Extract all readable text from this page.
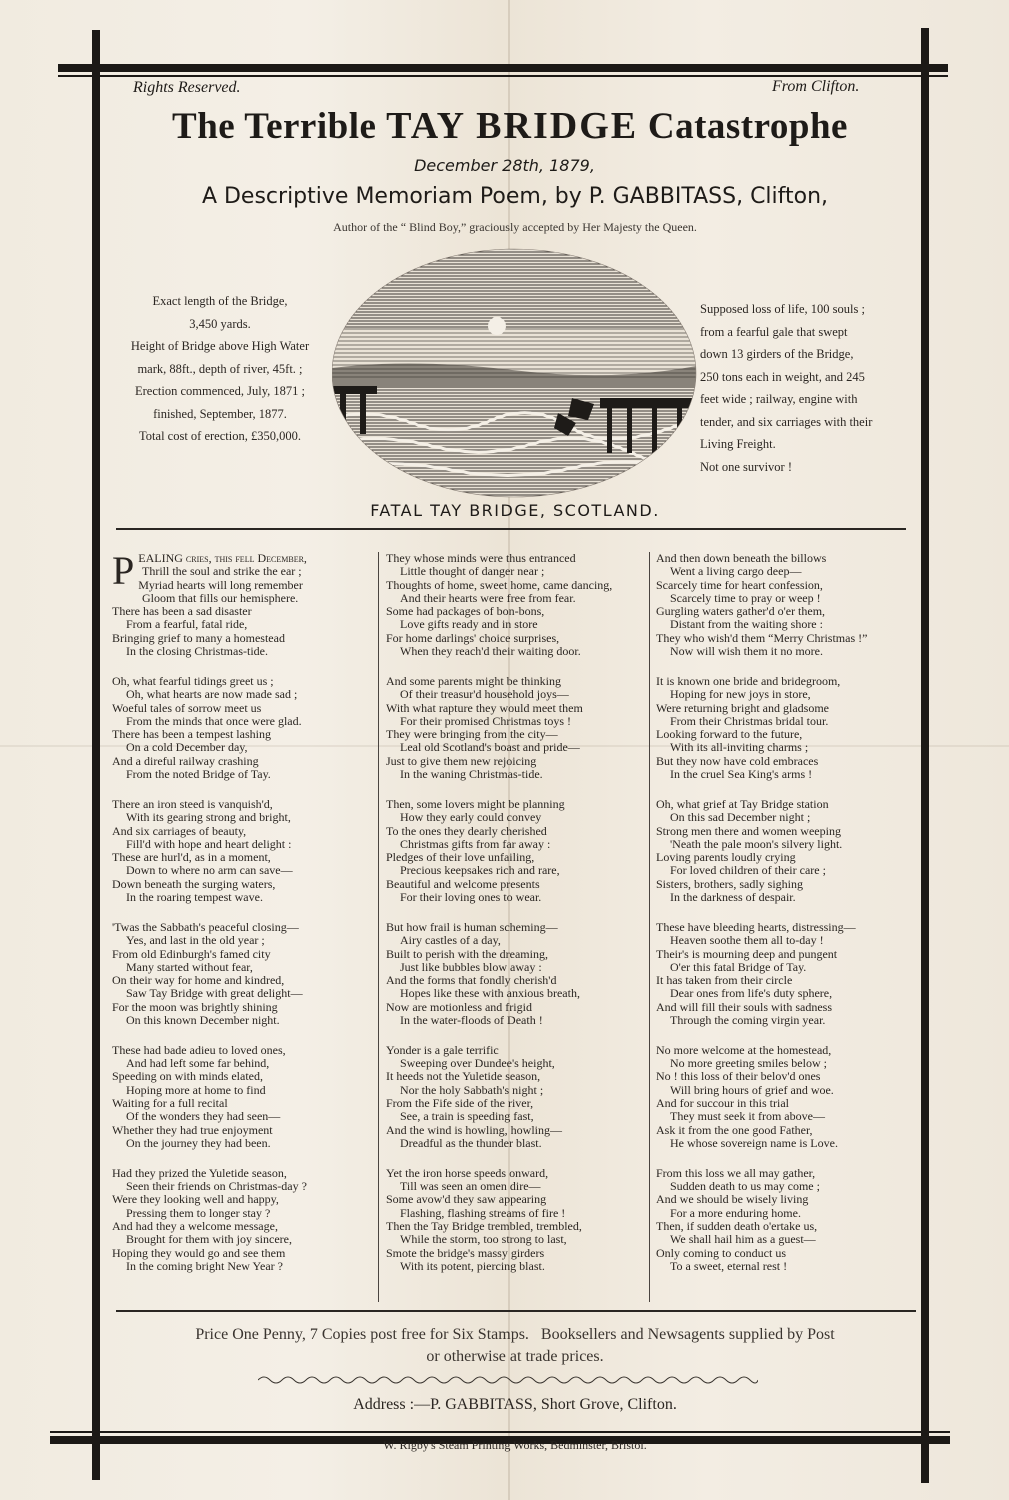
Rights Reserved.	From Clifton.
The Terrible TAY BRIDGE Catastrophe
December 28th, 1879,
A Descriptive Memoriam Poem, by P. GABBITASS, Clifton,
Author of the “ Blind Boy,” graciously accepted by Her Majesty the Queen.
Exact length of the Bridge,
3,450 yards.
Height of Bridge above High Water
mark, 88ft., depth of river, 45ft. ;
Erection commenced, July, 1871 ;
finished, September, 1877.
Total cost of erection, £350,000.
Supposed loss of life, 100 souls ;
from a fearful gale that swept
down 13 girders of the Bridge,
250 tons each in weight, and 245
feet wide ; railway, engine with
tender, and six carriages with their
Living Freight.
Not one survivor !
FATAL TAY BRIDGE, SCOTLAND.
P EALING cries, this fell December,
Thrill the soul and strike the ear ;
Myriad hearts will long remember
Gloom that fills our hemisphere.
There has been a sad disaster
From a fearful, fatal ride,
Bringing grief to many a homestead
In the closing Christmas-tide.
Oh, what fearful tidings greet us ;
Oh, what hearts are now made sad ;
Woeful tales of sorrow meet us
From the minds that once were glad.
There has been a tempest lashing
On a cold December day,
And a direful railway crashing
From the noted Bridge of Tay.
There an iron steed is vanquish'd,
With its gearing strong and bright,
And six carriages of beauty,
Fill'd with hope and heart delight :
These are hurl'd, as in a moment,
Down to where no arm can save—
Down beneath the surging waters,
In the roaring tempest wave.
'Twas the Sabbath's peaceful closing—
Yes, and last in the old year ;
From old Edinburgh's famed city
Many started without fear,
On their way for home and kindred,
Saw Tay Bridge with great delight—
For the moon was brightly shining
On this known December night.
These had bade adieu to loved ones,
And had left some far behind,
Speeding on with minds elated,
Hoping more at home to find
Waiting for a full recital
Of the wonders they had seen—
Whether they had true enjoyment
On the journey they had been.
Had they prized the Yuletide season,
Seen their friends on Christmas-day ?
Were they looking well and happy,
Pressing them to longer stay ?
And had they a welcome message,
Brought for them with joy sincere,
Hoping they would go and see them
In the coming bright New Year ?
They whose minds were thus entranced
Little thought of danger near ;
Thoughts of home, sweet home, came dancing,
And their hearts were free from fear.
Some had packages of bon-bons,
Love gifts ready and in store
For home darlings' choice surprises,
When they reach'd their waiting door.
And some parents might be thinking
Of their treasur'd household joys—
With what rapture they would meet them
For their promised Christmas toys !
They were bringing from the city—
Leal old Scotland's boast and pride—
Just to give them new rejoicing
In the waning Christmas-tide.
Then, some lovers might be planning
How they early could convey
To the ones they dearly cherished
Christmas gifts from far away :
Pledges of their love unfailing,
Precious keepsakes rich and rare,
Beautiful and welcome presents
For their loving ones to wear.
But how frail is human scheming—
Airy castles of a day,
Built to perish with the dreaming,
Just like bubbles blow away :
And the forms that fondly cherish'd
Hopes like these with anxious breath,
Now are motionless and frigid
In the water-floods of Death !
Yonder is a gale terrific
Sweeping over Dundee's height,
It heeds not the Yuletide season,
Nor the holy Sabbath's night ;
From the Fife side of the river,
See, a train is speeding fast,
And the wind is howling, howling—
Dreadful as the thunder blast.
Yet the iron horse speeds onward,
Till was seen an omen dire—
Some avow'd they saw appearing
Flashing, flashing streams of fire !
Then the Tay Bridge trembled, trembled,
While the storm, too strong to last,
Smote the bridge's massy girders
With its potent, piercing blast.
And then down beneath the billows
Went a living cargo deep—
Scarcely time for heart confession,
Scarcely time to pray or weep !
Gurgling waters gather'd o'er them,
Distant from the waiting shore :
They who wish'd them “Merry Christmas !”
Now will wish them it no more.
It is known one bride and bridegroom,
Hoping for new joys in store,
Were returning bright and gladsome
From their Christmas bridal tour.
Looking forward to the future,
With its all-inviting charms ;
But they now have cold embraces
In the cruel Sea King's arms !
Oh, what grief at Tay Bridge station
On this sad December night ;
Strong men there and women weeping
'Neath the pale moon's silvery light.
Loving parents loudly crying
For loved children of their care ;
Sisters, brothers, sadly sighing
In the darkness of despair.
These have bleeding hearts, distressing—
Heaven soothe them all to-day !
Their's is mourning deep and pungent
O'er this fatal Bridge of Tay.
It has taken from their circle
Dear ones from life's duty sphere,
And will fill their souls with sadness
Through the coming virgin year.
No more welcome at the homestead,
No more greeting smiles below ;
No ! this loss of their belov'd ones
Will bring hours of grief and woe.
And for succour in this trial
They must seek it from above—
Ask it from the one good Father,
He whose sovereign name is Love.
From this loss we all may gather,
Sudden death to us may come ;
And we should be wisely living
For a more enduring home.
Then, if sudden death o'ertake us,
We shall hail him as a guest—
Only coming to conduct us
To a sweet, eternal rest !
Price One Penny, 7 Copies post free for Six Stamps.   Booksellers and Newsagents supplied by Post
or otherwise at trade prices.
Address :—P. GABBITASS, Short Grove, Clifton.
W. Rigby's Steam Printing Works, Bedminster, Bristol.
